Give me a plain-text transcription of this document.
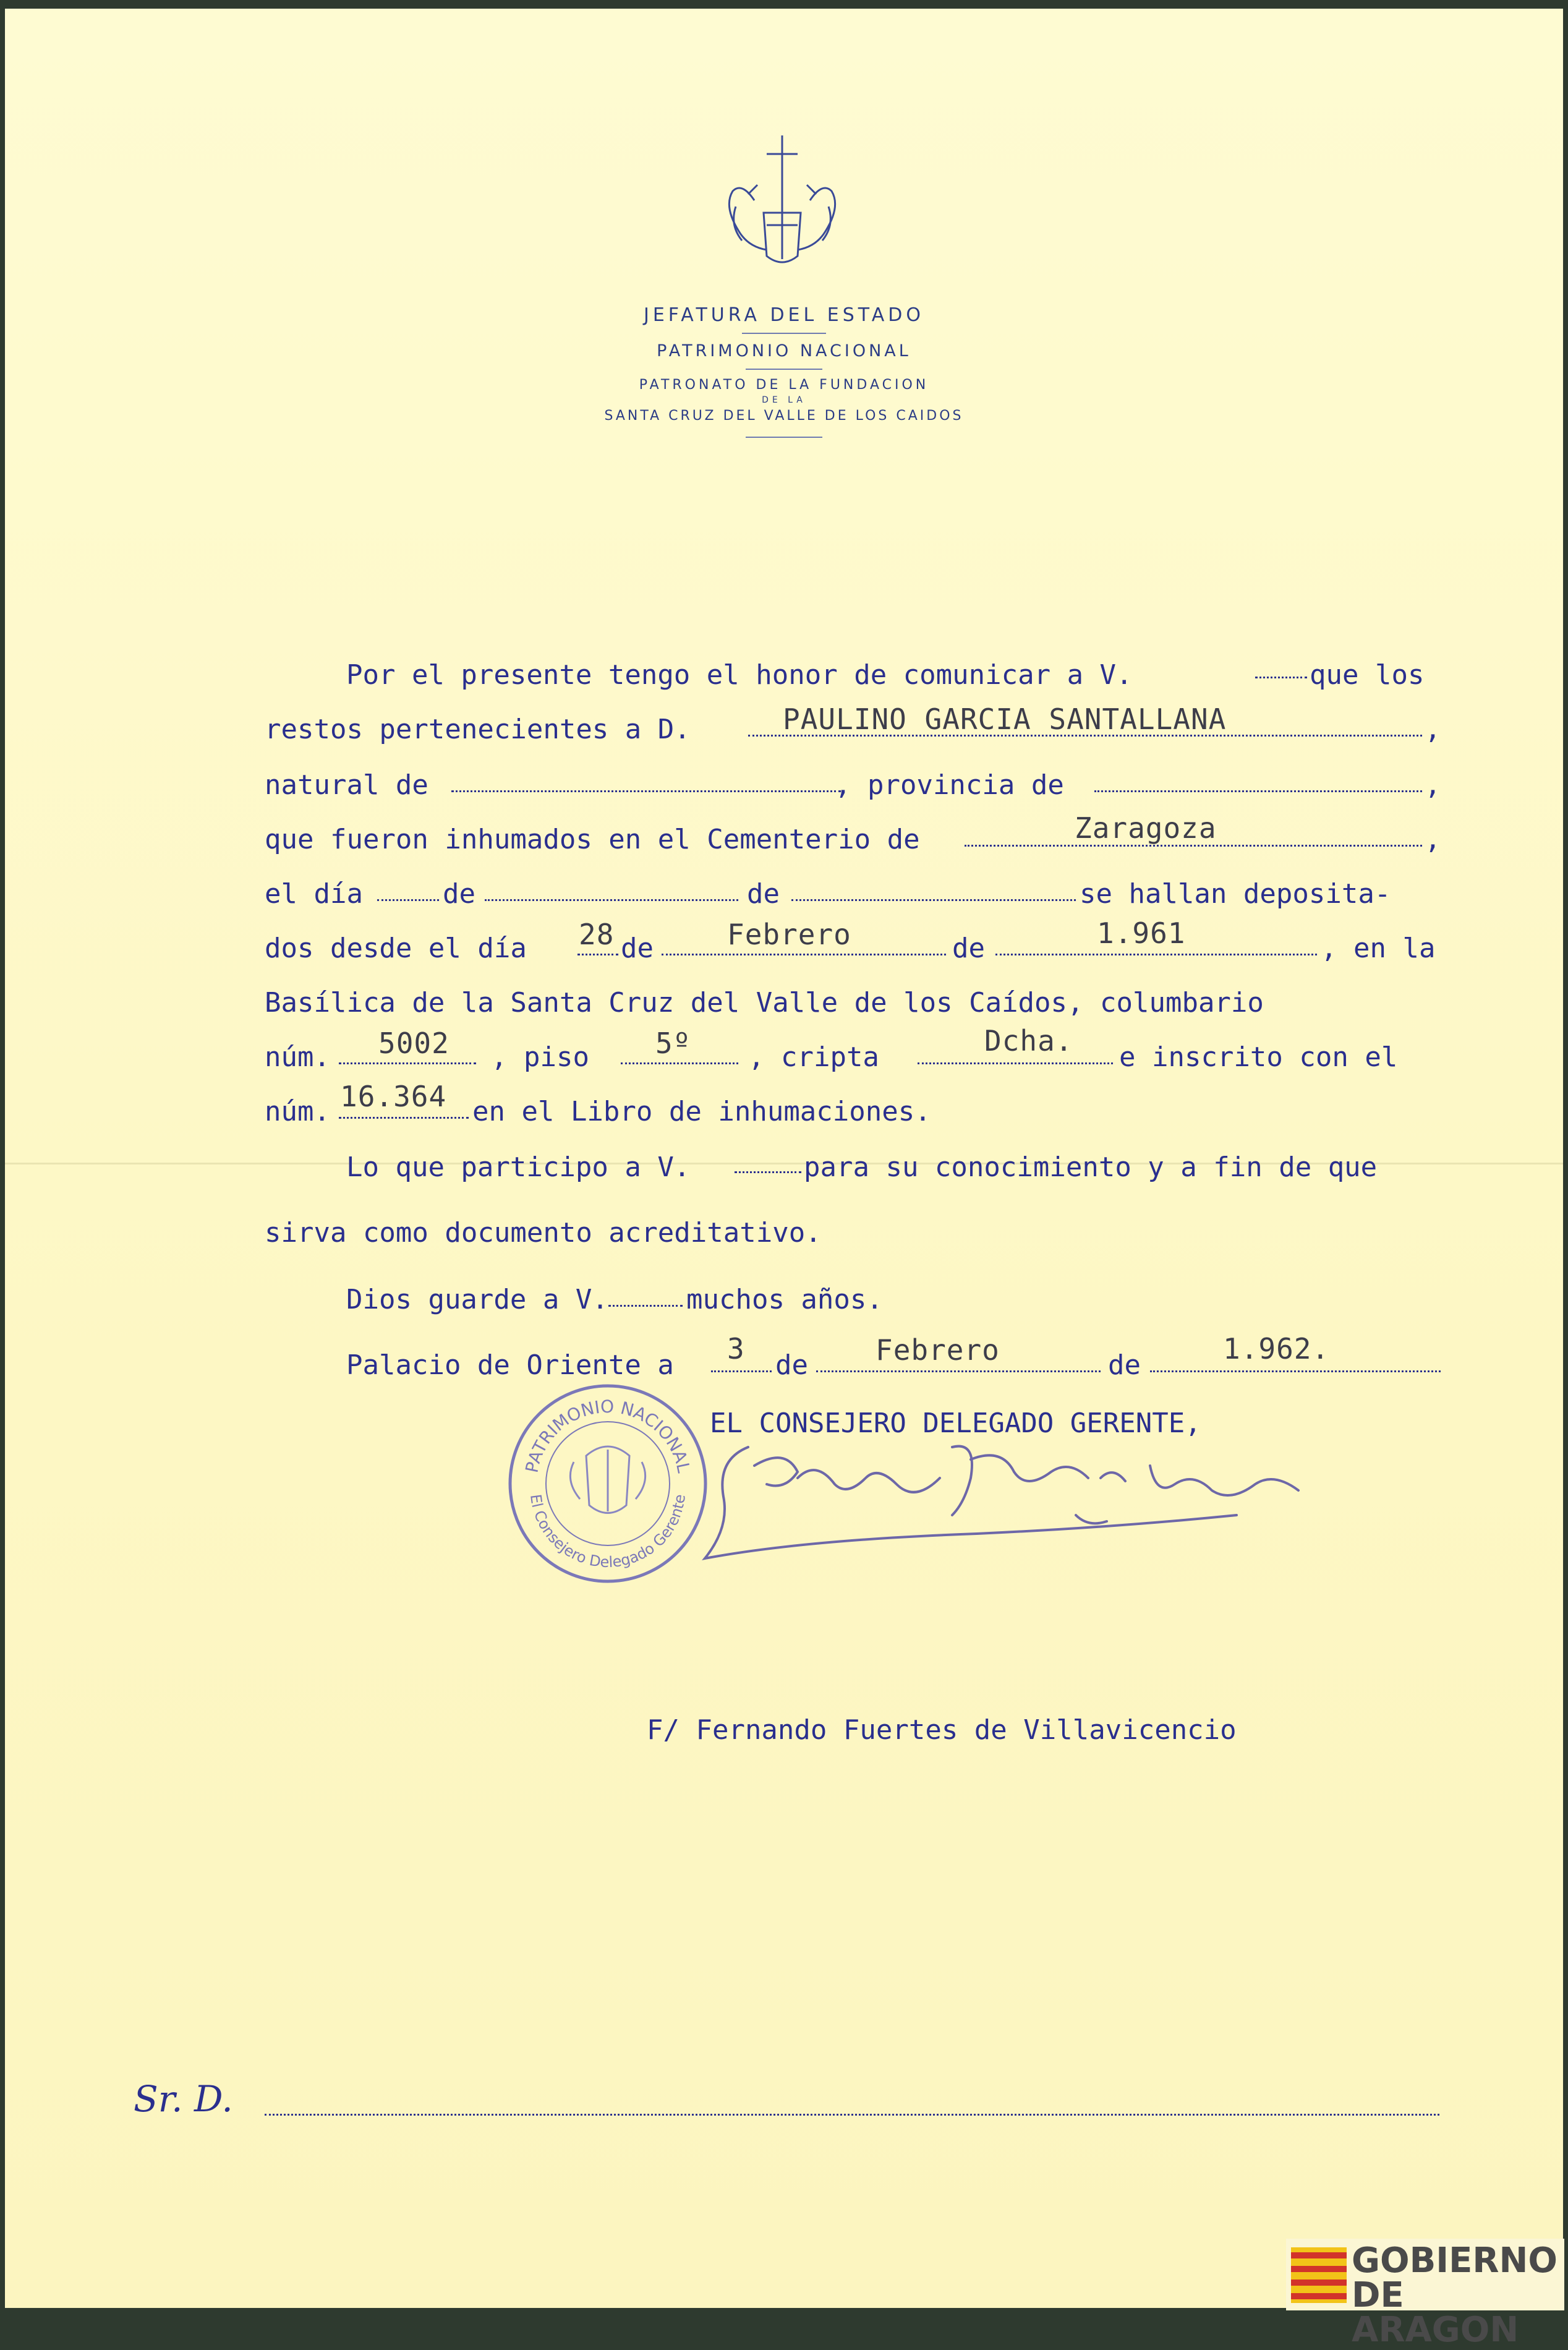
JEFATURA DEL ESTADO
PATRIMONIO NACIONAL
PATRONATO DE LA FUNDACION
DE LA
SANTA CRUZ DEL VALLE DE LOS CAIDOS
Por el presente tengo el honor de comunicar a V.	que los
restos pertenecientes a D.	PAULINO GARCIA SANTALLANA	,
natural de	, provincia de	,
que fueron inhumados en el Cementerio de	Zaragoza	,
el día	de	de	se hallan deposita-
dos desde el día 28 de	Febrero	de	1.961	, en la
Basílica de la Santa Cruz del Valle de los Caídos, columbario
núm. 5002 , piso 5º , cripta	Dcha. e inscrito con el
núm. 16.364 en el Libro de inhumaciones.
Lo que participo a V.	para su conocimiento y a fin de que
sirva como documento acreditativo.
Dios guarde a V.	muchos años.
Palacio de Oriente a 3 de Febrero	de	1.962.
EL CONSEJERO DELEGADO GERENTE,
PATRIMONIO NACIONAL
El Consejero Delegado Gerente
F/ Fernando Fuertes de Villavicencio
Sr. D.
GOBIERNO
DE ARAGON
